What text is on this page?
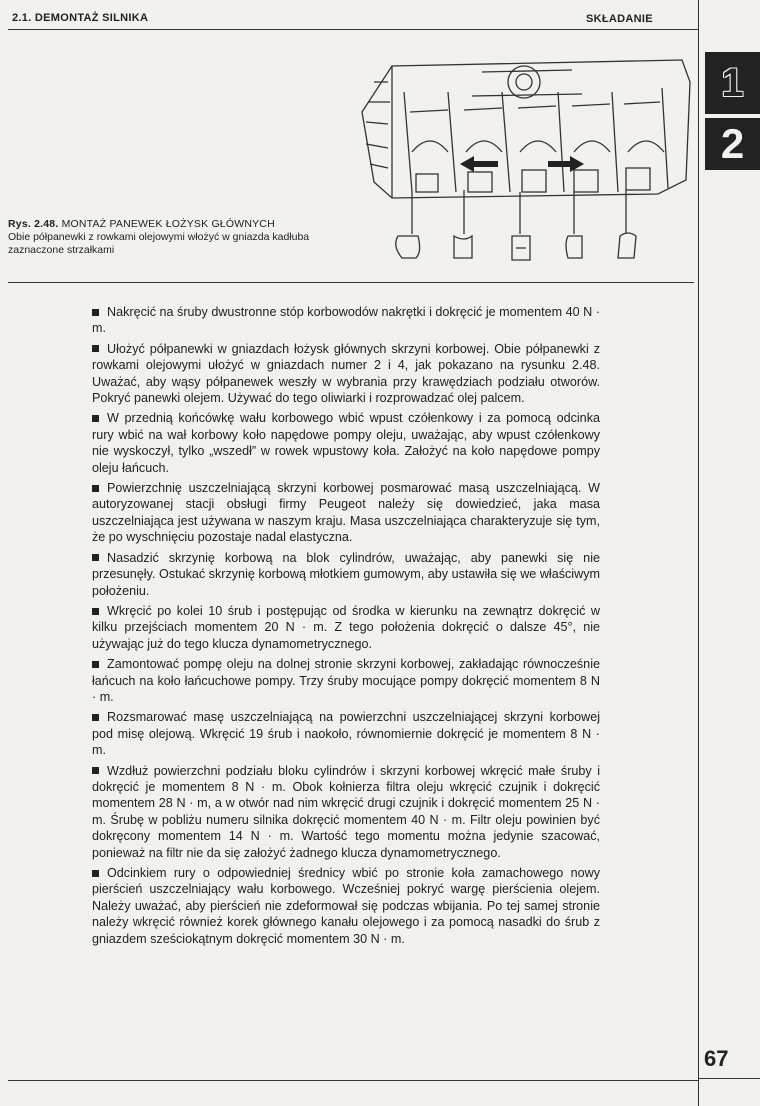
2.1. DEMONTAŻ SILNIKA	SKŁADANIE
1
2
Rys. 2.48. MONTAŻ PANEWEK ŁOŻYSK GŁÓWNYCH
Obie półpanewki z rowkami olejowymi włożyć w gniazda kadłuba zaznaczone strzałkami

Nakręcić na śruby dwustronne stóp korbowodów nakrętki i dokręcić je momentem 40 N · m.

Ułożyć półpanewki w gniazdach łożysk głównych skrzyni korbowej. Obie półpanewki z rowkami olejowymi ułożyć w gniazdach numer 2 i 4, jak pokazano na rysunku 2.48. Uważać, aby wąsy półpanewek weszły w wybrania przy krawędziach podziału otworów. Pokryć panewki olejem. Używać do tego oliwiarki i rozprowadzać olej palcem.

W przednią końcówkę wału korbowego wbić wpust czółenkowy i za pomocą odcinka rury wbić na wał korbowy koło napędowe pompy oleju, uważając, aby wpust czółenkowy nie wyskoczył, tylko „wszedł” w rowek wpustowy koła. Założyć na koło napędowe pompy oleju łańcuch.

Powierzchnię uszczelniającą skrzyni korbowej posmarować masą uszczelniającą. W autoryzowanej stacji obsługi firmy Peugeot należy się dowiedzieć, jaka masa uszczelniająca jest używana w naszym kraju. Masa uszczelniająca charakteryzuje się tym, że po wyschnięciu pozostaje nadal elastyczna.

Nasadzić skrzynię korbową na blok cylindrów, uważając, aby panewki się nie przesunęły. Ostukać skrzynię korbową młotkiem gumowym, aby ustawiła się we właściwym położeniu.

Wkręcić po kolei 10 śrub i postępując od środka w kierunku na zewnątrz dokręcić w kilku przejściach momentem 20 N · m. Z tego położenia dokręcić o dalsze 45°, nie używając już do tego klucza dynamometrycznego.

Zamontować pompę oleju na dolnej stronie skrzyni korbowej, zakładając równocześnie łańcuch na koło łańcuchowe pompy. Trzy śruby mocujące pompy dokręcić momentem 8 N · m.

Rozsmarować masę uszczelniającą na powierzchni uszczelniającej skrzyni korbowej pod misę olejową. Wkręcić 19 śrub i naokoło, równomiernie dokręcić je momentem 8 N · m.

Wzdłuż powierzchni podziału bloku cylindrów i skrzyni korbowej wkręcić małe śruby i dokręcić je momentem 8 N · m. Obok kołnierza filtra oleju wkręcić czujnik i dokręcić momentem 28 N · m, a w otwór nad nim wkręcić drugi czujnik i dokręcić momentem 25 N · m. Śrubę w pobliżu numeru silnika dokręcić momentem 40 N · m. Filtr oleju powinien być dokręcony momentem 14 N · m. Wartość tego momentu można jedynie szacować, ponieważ na filtr nie da się założyć żadnego klucza dynamometrycznego.

Odcinkiem rury o odpowiedniej średnicy wbić po stronie koła zamachowego nowy pierścień uszczelniający wału korbowego. Wcześniej pokryć wargę pierścienia olejem. Należy uważać, aby pierścień nie zdeformował się podczas wbijania. Po tej samej stronie należy wkręcić również korek głównego kanału olejowego i za pomocą nasadki do śrub z gniazdem sześciokątnym dokręcić momentem 30 N · m.

67
